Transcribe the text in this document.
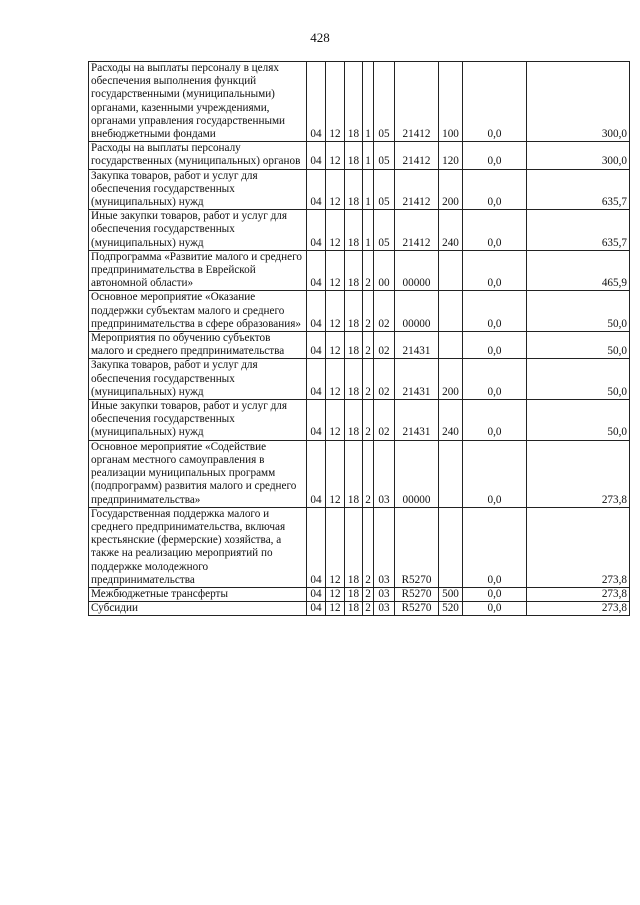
428
Расходы на выплаты персоналу в целях обеспечения выполнения функций государственными (муниципальными) органами, казенными учреждениями, органами управления государственными внебюджетными фондами	04	12	18	1	05	21412	100	0,0	300,0
Расходы на выплаты персоналу государственных (муниципальных) органов	04	12	18	1	05	21412	120	0,0	300,0
Закупка товаров, работ и услуг для обеспечения государственных (муниципальных) нужд	04	12	18	1	05	21412	200	0,0	635,7
Иные закупки товаров, работ и услуг для обеспечения государственных (муниципальных) нужд	04	12	18	1	05	21412	240	0,0	635,7
Подпрограмма «Развитие малого и среднего предпринимательства в Еврейской автономной области»	04	12	18	2	00	00000		0,0	465,9
Основное мероприятие «Оказание поддержки субъектам малого и среднего предпринимательства в сфере образования»	04	12	18	2	02	00000		0,0	50,0
Мероприятия по обучению субъектов малого и среднего предпринимательства	04	12	18	2	02	21431		0,0	50,0
Закупка товаров, работ и услуг для обеспечения государственных (муниципальных) нужд	04	12	18	2	02	21431	200	0,0	50,0
Иные закупки товаров, работ и услуг для обеспечения государственных (муниципальных) нужд	04	12	18	2	02	21431	240	0,0	50,0
Основное мероприятие «Содействие органам местного самоуправления в реализации муниципальных программ (подпрограмм) развития малого и среднего предпринимательства»	04	12	18	2	03	00000		0,0	273,8
Государственная поддержка малого и среднего предпринимательства, включая крестьянские (фермерские) хозяйства, а также на реализацию мероприятий по поддержке молодежного предпринимательства	04	12	18	2	03	R5270		0,0	273,8
Межбюджетные трансферты	04	12	18	2	03	R5270	500	0,0	273,8
Субсидии	04	12	18	2	03	R5270	520	0,0	273,8
